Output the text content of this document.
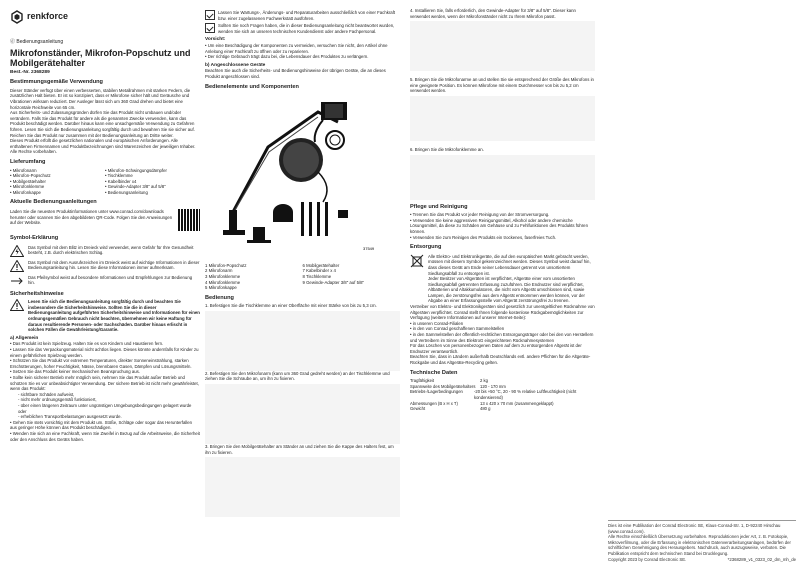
renkforce
ⓓ Bedienungsanleitung
Mikrofonständer, Mikrofon-Popschutz und Mobilgerätehalter
Best.-Nr. 2368289
Bestimmungsgemäße Verwendung

Dieser Ständer verfügt über einen verbesserten, stabilen Metallrahmen mit starken Federn, die zusätzlichen Halt bieten. Er ist so konzipiert, dass er Mikrofone sicher hält und Geräusche und Vibrationen wirksam reduziert. Der Ausleger lässt sich um 360 Grad drehen und bietet eine horizontale Reichweite von 65 cm.

Aus Sicherheits- und Zulassungsgründen dürfen Sie das Produkt nicht umbauen und/oder verändern. Falls Sie das Produkt für andere als die genannten Zwecke verwenden, kann das Produkt beschädigt werden. Darüber hinaus kann eine unsachgemäße Verwendung zu Gefahren führen. Lesen Sie sich die Bedienungsanleitung sorgfältig durch und bewahren Sie sie sicher auf. Reichen Sie das Produkt nur zusammen mit der Bedienungsanleitung an Dritte weiter.

Dieses Produkt erfüllt die gesetzlichen nationalen und europäischen Anforderungen. Alle enthaltenen Firmennamen und Produktbezeichnungen sind Warenzeichen der jeweiligen Inhaber. Alle Rechte vorbehalten.

Lieferumfang
• Mikrofonarm
• Mikrofon-Popschutz
• Mobilgerätehalter
• Mikrofonklemme
• Mikrofonkappe
• Mikrofon-Schwingungsdämpfer
• Tischklemme
• Kabelbinder x4
• Gewinde-Adapter 3/8" auf 5/8"
• Bedienungsanleitung
Aktuelle Bedienungsanleitungen

Laden Sie die neuesten Produktinformationen unter www.conrad.com/downloads herunter oder scannen Sie den abgebildeten QR-Code. Folgen Sie den Anweisungen auf der Website.

Symbol-Erklärung

Das Symbol mit dem Blitz im Dreieck wird verwendet, wenn Gefahr für Ihre Gesundheit besteht, z.B. durch elektrischen Schlag.

Das Symbol mit dem Ausrufezeichen im Dreieck weist auf wichtige Informationen in dieser Bedienungsanleitung hin. Lesen Sie diese Informationen immer aufmerksam.

Das Pfeilsymbol weist auf besondere Informationen und Empfehlungen zur Bedienung hin.

Sicherheitshinweise

Lesen Sie sich die Bedienungsanleitung sorgfältig durch und beachten Sie insbesondere die Sicherheitshinweise. Sollten Sie die in dieser Bedienungsanleitung aufgeführten Sicherheitshinweise und Informationen für einen ordnungsgemäßen Gebrauch nicht beachten, übernehmen wir keine Haftung für daraus resultierende Personen- oder Sachschäden. Darüber hinaus erlischt in solchen Fällen die Gewährleistung/Garantie.

a) Allgemein
• Das Produkt ist kein Spielzeug. Halten Sie es von Kindern und Haustieren fern.
• Lassen Sie das Verpackungsmaterial nicht achtlos liegen. Dieses könnte andernfalls für Kinder zu einem gefährlichen Spielzeug werden.
• Schützen Sie das Produkt vor extremen Temperaturen, direkter Sonneneinstrahlung, starken Erschütterungen, hoher Feuchtigkeit, Nässe, brennbaren Gasen, Dämpfen und Lösungsmitteln.
• Setzen Sie das Produkt keiner mechanischen Beanspruchung aus.
• Sollte kein sicherer Betrieb mehr möglich sein, nehmen Sie das Produkt außer Betrieb und schützen Sie es vor unbeabsichtigter Verwendung. Der sichere Betrieb ist nicht mehr gewährleistet, wenn das Produkt:
- sichtbare Schäden aufweist,
- nicht mehr ordnungsgemäß funktioniert,
- über einen längeren Zeitraum unter ungünstigen Umgebungsbedingungen gelagert wurde oder
- erheblichen Transportbelastungen ausgesetzt wurde.
• Gehen Sie stets vorsichtig mit dem Produkt um. Stöße, Schläge oder sogar das Herunterfallen aus geringer Höhe können das Produkt beschädigen.
• Wenden Sie sich an eine Fachkraft, wenn Sie Zweifel in Bezug auf die Arbeitsweise, die Sicherheit oder den Anschluss des Geräts haben.

Lassen Sie Wartungs-, Änderungs- und Reparaturarbeiten ausschließlich von einer Fachkraft bzw. einer zugelassenen Fachwerkstatt ausführen.

Sollten Sie noch Fragen haben, die in dieser Bedienungsanleitung nicht beantwortet wurden, wenden Sie sich an unseren technischen Kundendienst oder andere Fachpersonal.

Vorsicht:
• Um eine Beschädigung der Komponenten zu vermeiden, versuchen Sie nicht, den Artikel ohne Anleitung einer Fachkraft zu öffnen oder zu reparieren.
• Der richtige Gebrauch trägt dazu bei, die Lebensdauer des Produktes zu verlängern.
b) Angeschlossene Geräte

Beachten Sie auch die Sicherheits- und Bedienungshinweise der übrigen Geräte, die an dieses Produkt angeschlossen sind.

Bedienelemente und Komponenten
37549
1 Mikrofon-Popschutz	6 Mobilgerätehalter
2 Mikrofonarm	7 Kabelbinder x 4
3 Mikrofonklemme	8 Tischklemme
4 Mikrofonklemme	9 Gewinde-Adapter 3/8" auf 5/8"
5 Mikrofonkappe
Bedienung

1. Befestigen Sie die Tischklemme an einer Oberfläche mit einer Stärke von bis zu 5,3 cm.

2. Befestigen Sie den Mikrofonarm (kann um 360 Grad gedreht werden) an der Tischklemme und ziehen Sie die Schraube an, um ihn zu fixieren.

3. Bringen Sie den Mobilgerätehalter am Ständer an und ziehen Sie die Kappe des Halters fest, um ihn zu fixieren.

4. Installieren Sie, falls erforderlich, den Gewinde-Adapter für 3/8" auf 5/8". Dieser kann verwendet werden, wenn der Mikrofonständer nicht zu Ihrem Mikrofon passt.

5. Bringen Sie die Mikrofonarme an und stellen Sie sie entsprechend der Größe des Mikrofons in eine geeignete Position. Es können Mikrofone mit einem Durchmesser von bis zu 5,2 cm verwendet werden.

6. Bringen Sie die Mikrofonklemme an.

Pflege und Reinigung
• Trennen Sie das Produkt vor jeder Reinigung von der Stromversorgung.
• Verwenden Sie keine aggressiven Reinigungsmittel, Alkohol oder andere chemische Lösungsmittel, da diese zu Schäden am Gehäuse und zu Fehlfunktionen des Produkts führen können.
• Verwenden Sie zum Reinigen des Produkts ein trockenes, faserfreies Tuch.
Entsorgung

Alle Elektro- und Elektronikgeräte, die auf den europäischen Markt gebracht werden, müssen mit diesem Symbol gekennzeichnet werden. Dieses Symbol weist darauf hin, dass dieses Gerät am Ende seiner Lebensdauer getrennt von unsortiertem Siedlungsabfall zu entsorgen ist.

Jeder Besitzer von Altgeräten ist verpflichtet, Altgeräte einer vom unsortierten Siedlungsabfall getrennten Erfassung zuzuführen. Die Endnutzer sind verpflichtet, Altbatterien und Altakkumulatoren, die nicht vom Altgerät umschlossen sind, sowie Lampen, die zerstörungsfrei aus dem Altgerät entnommen werden können, vor der Abgabe an einer Erfassungsstelle vom Altgerät zerstörungsfrei zu trennen.

Vertreiber von Elektro- und Elektronikgeräten sind gesetzlich zur unentgeltlichen Rücknahme von Altgeräten verpflichtet. Conrad stellt Ihnen folgende kostenlose Rückgabemöglichkeiten zur Verfügung (weitere Informationen auf unserer Internet-Seite):

• in unseren Conrad-Filialen
• in den von Conrad geschaffenen Sammelstellen
• in den Sammelstellen der öffentlich-rechtlichen Entsorgungsträger oder bei den von Herstellern und Vertreibern im Sinne des ElektroG eingerichteten Rücknahmesystemen

Für das Löschen von personenbezogenen Daten auf dem zu entsorgenden Altgerät ist der Endnutzer verantwortlich.

Beachten Sie, dass in Ländern außerhalb Deutschlands evtl. andere Pflichten für die Altgeräte-Rückgabe und das Altgeräte-Recycling gelten.

Technische Daten
Tragfähigkeit	2 kg
Spannweite des Mobilgerätehalters	120 - 170 mm
Betriebs-/Lagerbedingungen	-20 bis +50 °C, 20 - 90 % relative Luftfeuchtigkeit (nicht kondensierend)
Abmessungen (B x H x T)	13 x 420 x 70 mm (zusammengeklappt)
Gewicht	480 g
Dies ist eine Publikation der Conrad Electronic SE, Klaus-Conrad-Str. 1, D-92240 Hirschau (www.conrad.com).
Alle Rechte einschließlich Übersetzung vorbehalten. Reproduktionen jeder Art, z. B. Fotokopie, Mikroverfilmung, oder die Erfassung in elektronischen Datenverarbeitungsanlagen, bedürfen der schriftlichen Genehmigung des Herausgebers. Nachdruck, auch auszugsweise, verboten. Die Publikation entspricht dem technischen Stand bei Drucklegung.
Copyright 2023 by Conrad Electronic SE.	*2368289_v1_0323_02_dm_mh_de
